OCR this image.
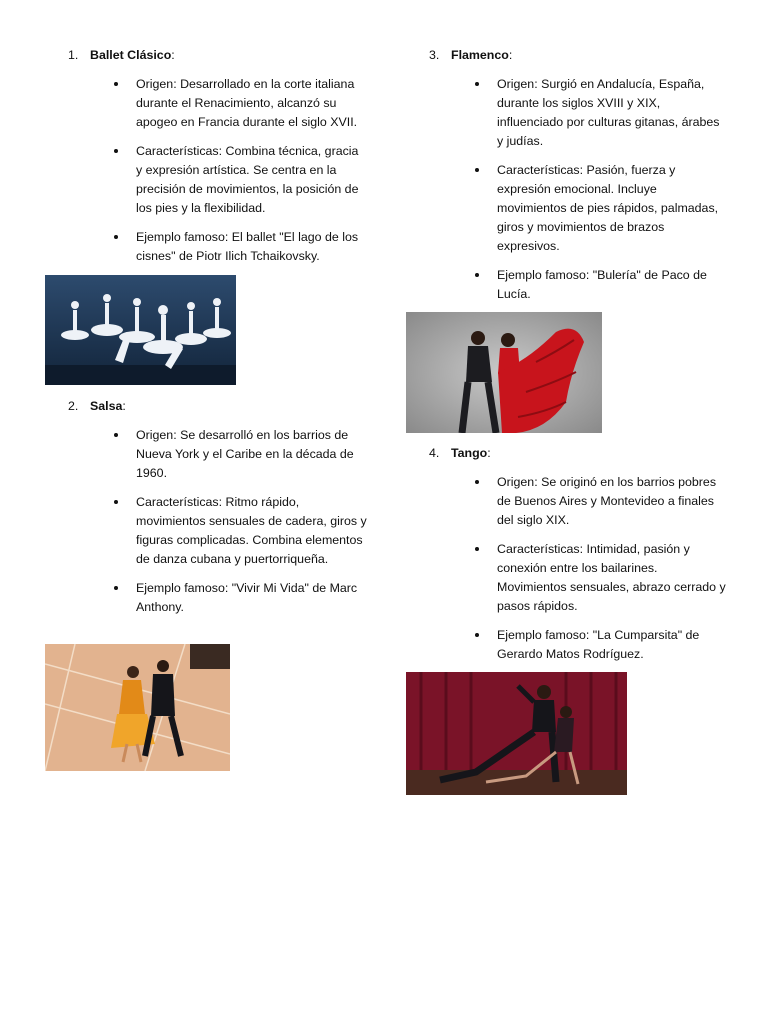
1. Ballet Clásico:
Origen: Desarrollado en la corte italiana durante el Renacimiento, alcanzó su apogeo en Francia durante el siglo XVII.
Características: Combina técnica, gracia y expresión artística. Se centra en la precisión de movimientos, la posición de los pies y la flexibilidad.
Ejemplo famoso: El ballet "El lago de los cisnes" de Piotr Ilich Tchaikovsky.
2. Salsa:
Origen: Se desarrolló en los barrios de Nueva York y el Caribe en la década de 1960.
Características: Ritmo rápido, movimientos sensuales de cadera, giros y figuras complicadas. Combina elementos de danza cubana y puertorriqueña.
Ejemplo famoso: "Vivir Mi Vida" de Marc Anthony.
3. Flamenco:
Origen: Surgió en Andalucía, España, durante los siglos XVIII y XIX, influenciado por culturas gitanas, árabes y judías.
Características: Pasión, fuerza y expresión emocional. Incluye movimientos de pies rápidos, palmadas, giros y movimientos de brazos expresivos.
Ejemplo famoso: "Bulería" de Paco de Lucía.
4. Tango:
Origen: Se originó en los barrios pobres de Buenos Aires y Montevideo a finales del siglo XIX.
Características: Intimidad, pasión y conexión entre los bailarines. Movimientos sensuales, abrazo cerrado y pasos rápidos.
Ejemplo famoso: "La Cumparsita" de Gerardo Matos Rodríguez.
